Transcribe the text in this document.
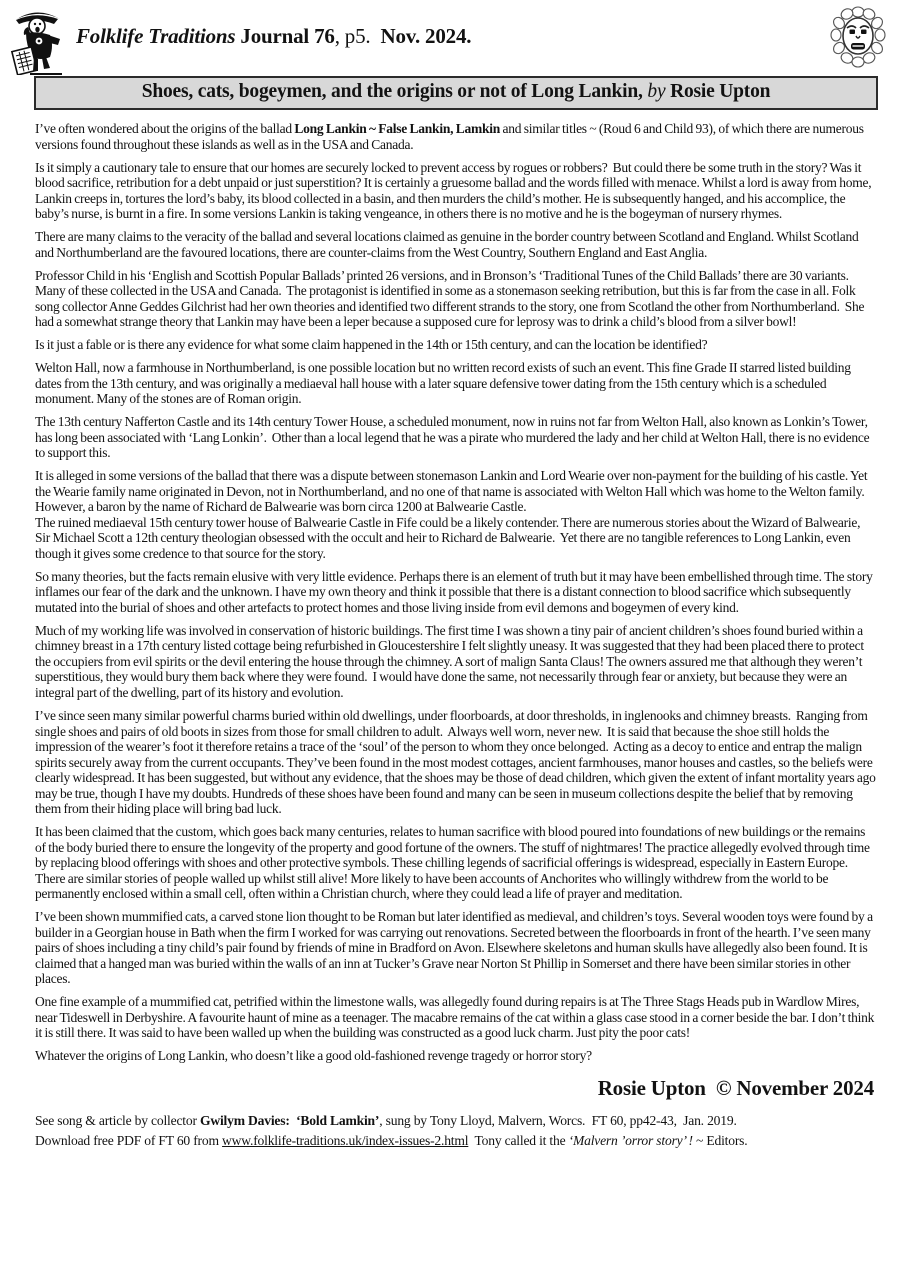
Folklife Traditions Journal 76, p5.  Nov. 2024.
Shoes, cats, bogeymen, and the origins or not of Long Lankin, by Rosie Upton

I’ve often wondered about the origins of the ballad Long Lankin ~ False Lankin, Lamkin and similar titles ~ (Roud 6 and Child 93), of which there are numerous versions found throughout these islands as well as in the USA and Canada.

Is it simply a cautionary tale to ensure that our homes are securely locked to prevent access by rogues or robbers?  But could there be some truth in the story? Was it blood sacrifice, retribution for a debt unpaid or just superstition? It is certainly a gruesome ballad and the words filled with menace. Whilst a lord is away from home, Lankin creeps in, tortures the lord’s baby, its blood collected in a basin, and then murders the child’s mother. He is subsequently hanged, and his accomplice, the baby’s nurse, is burnt in a fire. In some versions Lankin is taking vengeance, in others there is no motive and he is the bogeyman of nursery rhymes.

There are many claims to the veracity of the ballad and several locations claimed as genuine in the border country between Scotland and England. Whilst Scotland and Northumberland are the favoured locations, there are counter-claims from the West Country, Southern England and East Anglia.

Professor Child in his ‘English and Scottish Popular Ballads’ printed 26 versions, and in Bronson’s ‘Traditional Tunes of the Child Ballads’ there are 30 variants. Many of these collected in the USA and Canada.  The protagonist is identified in some as a stonemason seeking retribution, but this is far from the case in all. Folk song collector Anne Geddes Gilchrist had her own theories and identified two different strands to the story, one from Scotland the other from Northumberland.  She had a somewhat strange theory that Lankin may have been a leper because a supposed cure for leprosy was to drink a child’s blood from a silver bowl!

Is it just a fable or is there any evidence for what some claim happened in the 14th or 15th century, and can the location be identified?

Welton Hall, now a farmhouse in Northumberland, is one possible location but no written record exists of such an event. This fine Grade II starred listed building dates from the 13th century, and was originally a mediaeval hall house with a later square defensive tower dating from the 15th century which is a scheduled monument. Many of the stones are of Roman origin.

The 13th century Nafferton Castle and its 14th century Tower House, a scheduled monument, now in ruins not far from Welton Hall, also known as Lonkin’s Tower, has long been associated with ‘Lang Lonkin’.  Other than a local legend that he was a pirate who murdered the lady and her child at Welton Hall, there is no evidence to support this.

It is alleged in some versions of the ballad that there was a dispute between stonemason Lankin and Lord Wearie over non-payment for the building of his castle. Yet the Wearie family name originated in Devon, not in Northumberland, and no one of that name is associated with Welton Hall which was home to the Welton family.  However, a baron by the name of Richard de Balwearie was born circa 1200 at Balwearie Castle.

The ruined mediaeval 15th century tower house of Balwearie Castle in Fife could be a likely contender. There are numerous stories about the Wizard of Balwearie, Sir Michael Scott a 12th century theologian obsessed with the occult and heir to Richard de Balwearie.  Yet there are no tangible references to Long Lankin, even though it gives some credence to that source for the story.

So many theories, but the facts remain elusive with very little evidence. Perhaps there is an element of truth but it may have been embellished through time. The story inflames our fear of the dark and the unknown. I have my own theory and think it possible that there is a distant connection to blood sacrifice which subsequently mutated into the burial of shoes and other artefacts to protect homes and those living inside from evil demons and bogeymen of every kind.

Much of my working life was involved in conservation of historic buildings. The first time I was shown a tiny pair of ancient children’s shoes found buried within a chimney breast in a 17th century listed cottage being refurbished in Gloucestershire I felt slightly uneasy. It was suggested that they had been placed there to protect the occupiers from evil spirits or the devil entering the house through the chimney. A sort of malign Santa Claus! The owners assured me that although they weren’t superstitious, they would bury them back where they were found.  I would have done the same, not necessarily through fear or anxiety, but because they were an integral part of the dwelling, part of its history and evolution.

I’ve since seen many similar powerful charms buried within old dwellings, under floorboards, at door thresholds, in inglenooks and chimney breasts.  Ranging from single shoes and pairs of old boots in sizes from those for small children to adult.  Always well worn, never new.  It is said that because the shoe still holds the impression of the wearer’s foot it therefore retains a trace of the ‘soul’ of the person to whom they once belonged.  Acting as a decoy to entice and entrap the malign spirits securely away from the current occupants. They’ve been found in the most modest cottages, ancient farmhouses, manor houses and castles, so the beliefs were clearly widespread. It has been suggested, but without any evidence, that the shoes may be those of dead children, which given the extent of infant mortality years ago may be true, though I have my doubts. Hundreds of these shoes have been found and many can be seen in museum collections despite the belief that by removing them from their hiding place will bring bad luck.

It has been claimed that the custom, which goes back many centuries, relates to human sacrifice with blood poured into foundations of new buildings or the remains of the body buried there to ensure the longevity of the property and good fortune of the owners. The stuff of nightmares! The practice allegedly evolved through time by replacing blood offerings with shoes and other protective symbols. These chilling legends of sacrificial offerings is widespread, especially in Eastern Europe. There are similar stories of people walled up whilst still alive! More likely to have been accounts of Anchorites who willingly withdrew from the world to be permanently enclosed within a small cell, often within a Christian church, where they could lead a life of prayer and meditation.

I’ve been shown mummified cats, a carved stone lion thought to be Roman but later identified as medieval, and children’s toys. Several wooden toys were found by a builder in a Georgian house in Bath when the firm I worked for was carrying out renovations. Secreted between the floorboards in front of the hearth. I’ve seen many pairs of shoes including a tiny child’s pair found by friends of mine in Bradford on Avon. Elsewhere skeletons and human skulls have allegedly also been found. It is claimed that a hanged man was buried within the walls of an inn at Tucker’s Grave near Norton St Phillip in Somerset and there have been similar stories in other places.

One fine example of a mummified cat, petrified within the limestone walls, was allegedly found during repairs is at The Three Stags Heads pub in Wardlow Mires, near Tideswell in Derbyshire. A favourite haunt of mine as a teenager. The macabre remains of the cat within a glass case stood in a corner beside the bar. I don’t think it is still there. It was said to have been walled up when the building was constructed as a good luck charm. Just pity the poor cats!

Whatever the origins of Long Lankin, who doesn’t like a good old-fashioned revenge tragedy or horror story?

Rosie Upton  © November 2024
See song & article by collector Gwilym Davies:  ‘Bold Lamkin’, sung by Tony Lloyd, Malvern, Worcs.  FT 60, pp42-43,  Jan. 2019.
Download free PDF of FT 60 from www.folklife-traditions.uk/index-issues-2.html  Tony called it the ‘Malvern ’orror story’ ! ~ Editors.
